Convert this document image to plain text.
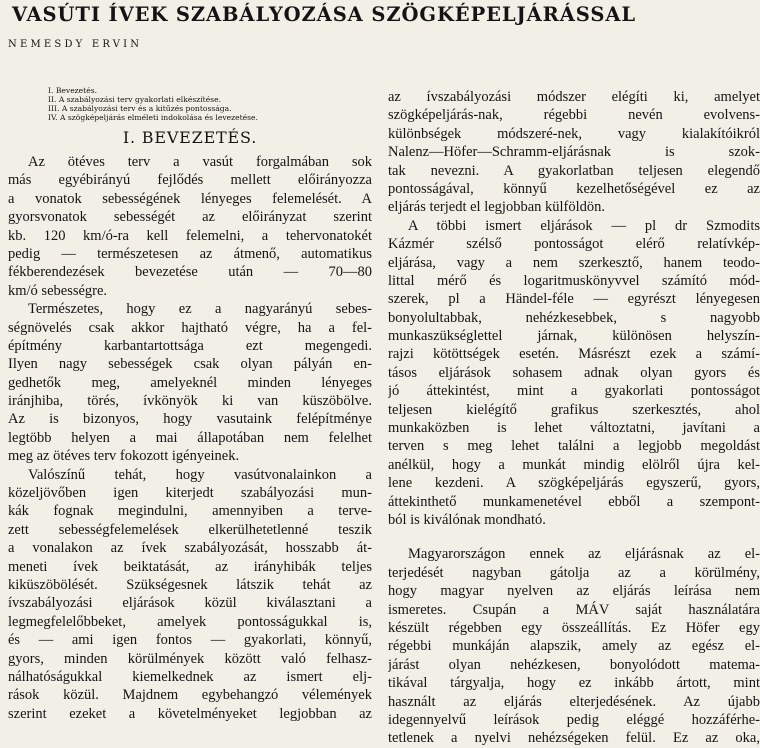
VASÚTI ÍVEK SZABÁLYOZÁSA SZÖGKÉPELJÁRÁSSAL
NEMESDY ERVIN
I. Bevezetés.
II. A szabályozási terv gyakorlati elkészítése.
III. A szabályozási terv és a kitűzés pontossága.
IV. A szögképeljárás elméleti indokolása és levezetése.
I. BEVEZETÉS.
Az ötéves terv a vasút forgalmában sok
más egyébirányú fejlődés mellett előirányozza
a vonatok sebességének lényeges felemelését. A
gyorsvonatok sebességét az előirányzat szerint
kb. 120 km/ó-ra kell felemelni, a tehervonatokét
pedig — természetesen az átmenő, automatikus
fékberendezések bevezetése után — 70—80
km/ó sebességre.
Természetes, hogy ez a nagyarányú sebes-
ségnövelés csak akkor hajtható végre, ha a fel-
építmény karbantartottsága ezt megengedi.
Ilyen nagy sebességek csak olyan pályán en-
gedhetők meg, amelyeknél minden lényeges
iránjhiba, törés, ívkönyök ki van küszöbölve.
Az is bizonyos, hogy vasutaink felépítménye
legtöbb helyen a mai állapotában nem felelhet
meg az ötéves terv fokozott igényeinek.
Valószínű tehát, hogy vasútvonalainkon a
közeljövőben igen kiterjedt szabályozási mun-
kák fognak megindulni, amennyiben a terve-
zett sebességfelemelések elkerülhetetlenné teszik
a vonalakon az ívek szabályozását, hosszabb át-
meneti ívek beiktatását, az irányhibák teljes
kiküszöbölését. Szükségesnek látszik tehát az
ívszabályozási eljárások közül kiválasztani a
legmegfelelőbbeket, amelyek pontosságukkal is,
és — ami igen fontos — gyakorlati, könnyű,
gyors, minden körülmények között való felhasz-
nálhatóságukkal kiemelkednek az ismert elj-
rások közül. Majdnem egybehangzó vélemények
szerint ezeket a követelményeket legjobban az
az ívszabályozási módszer elégíti ki, amelyet
szögképeljárás-nak, régebbi nevén evolvens-
különbségek módszeré-nek, vagy kialakítóikról
Nalenz—Höfer—Schramm-eljárásnak is szok-
tak nevezni. A gyakorlatban teljesen elegendő
pontosságával, könnyű kezelhetőségével ez az
eljárás terjedt el legjobban külföldön.
A többi ismert eljárások — pl dr Szmodits
Kázmér szélső pontosságot elérő relatívkép-
eljárása, vagy a nem szerkesztő, hanem teodo-
littal mérő és logaritmuskönyvvel számító mód-
szerek, pl a Händel-féle — egyrészt lényegesen
bonyolultabbak, nehézkesebbek, s nagyobb
munkaszükséglettel járnak, különösen helyszín-
rajzi kötöttségek esetén. Másrészt ezek a számí-
tásos eljárások sohasem adnak olyan gyors és
jó áttekintést, mint a gyakorlati pontosságot
teljesen kielégítő grafikus szerkesztés, ahol
munkaközben is lehet változtatni, javítani a
terven s meg lehet találni a legjobb megoldást
anélkül, hogy a munkát mindig elölről újra kel-
lene kezdeni. A szögképeljárás egyszerű, gyors,
áttekinthető munkamenetével ebből a szempont-
ból is kiválónak mondható.
Magyarországon ennek az eljárásnak az el-
terjedését nagyban gátolja az a körülmény,
hogy magyar nyelven az eljárás leírása nem
ismeretes. Csupán a MÁV saját használatára
készült régebben egy összeállítás. Ez Höfer egy
régebbi munkáján alapszik, amely az egész el-
járást olyan nehézkesen, bonyolódott matema-
tikával tárgyalja, hogy ez inkább ártott, mint
használt az eljárás elterjedésének. Az újabb
idegennyelvű leírások pedig eléggé hozzáférhe-
tetlenek a nyelvi nehézségeken felül. Ez az oka,
